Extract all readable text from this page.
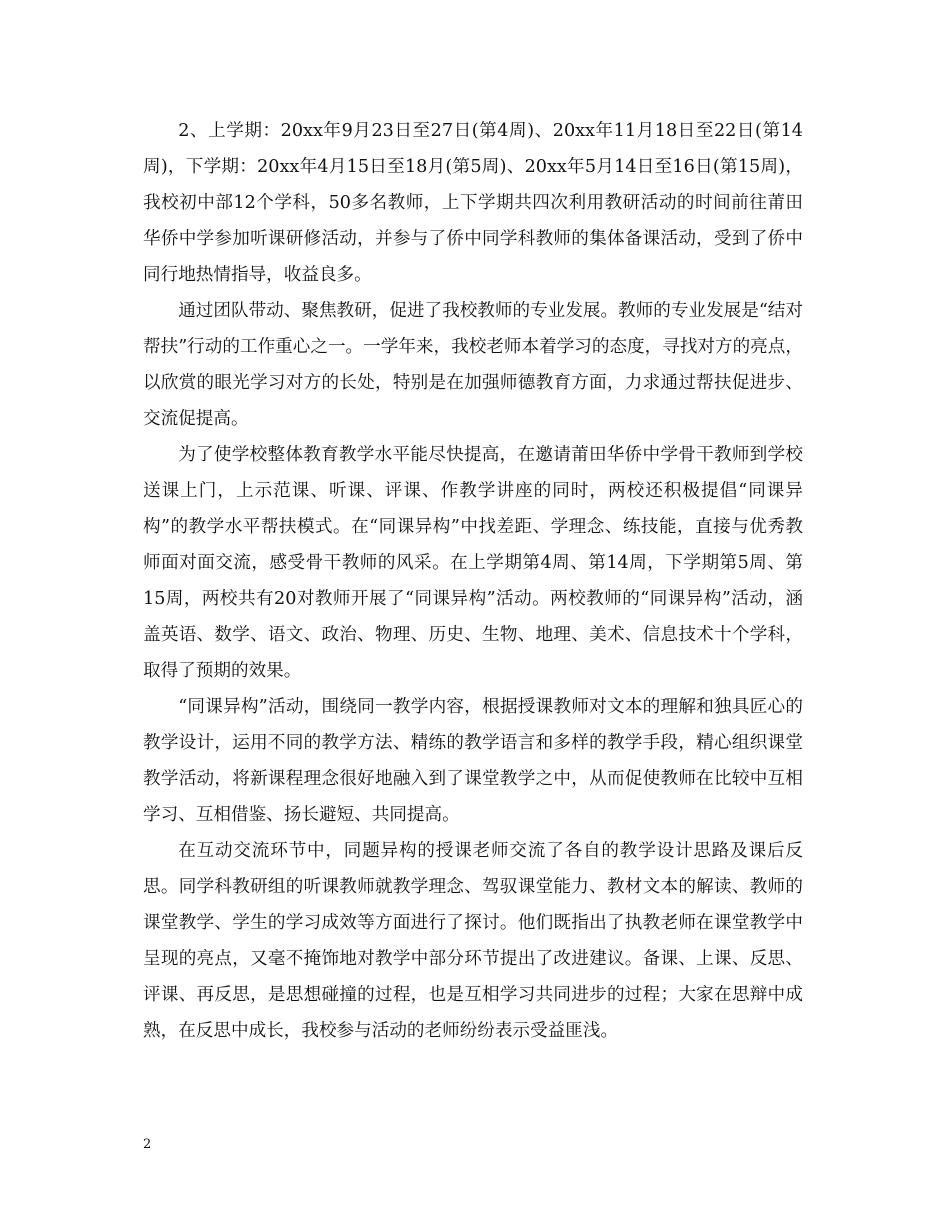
2、上学期：20xx年9月23日至27日(第4周)、20xx年11月18日至22日(第14周)，下学期：20xx年4月15日至18月(第5周)、20xx年5月14日至16日(第15周)，我校初中部12个学科，50多名教师，上下学期共四次利用教研活动的时间前往莆田华侨中学参加听课研修活动，并参与了侨中同学科教师的集体备课活动，受到了侨中同行地热情指导，收益良多。

通过团队带动、聚焦教研，促进了我校教师的专业发展。教师的专业发展是“结对帮扶”行动的工作重心之一。一学年来，我校老师本着学习的态度，寻找对方的亮点，以欣赏的眼光学习对方的长处，特别是在加强师德教育方面，力求通过帮扶促进步、交流促提高。

为了使学校整体教育教学水平能尽快提高，在邀请莆田华侨中学骨干教师到学校送课上门，上示范课、听课、评课、作教学讲座的同时，两校还积极提倡“同课异构”的教学水平帮扶模式。在“同课异构”中找差距、学理念、练技能，直接与优秀教师面对面交流，感受骨干教师的风采。在上学期第4周、第14周，下学期第5周、第15周，两校共有20对教师开展了“同课异构”活动。两校教师的“同课异构”活动，涵盖英语、数学、语文、政治、物理、历史、生物、地理、美术、信息技术十个学科，取得了预期的效果。

“同课异构”活动，围绕同一教学内容，根据授课教师对文本的理解和独具匠心的教学设计，运用不同的教学方法、精练的教学语言和多样的教学手段，精心组织课堂教学活动，将新课程理念很好地融入到了课堂教学之中，从而促使教师在比较中互相学习、互相借鉴、扬长避短、共同提高。

在互动交流环节中，同题异构的授课老师交流了各自的教学设计思路及课后反思。同学科教研组的听课教师就教学理念、驾驭课堂能力、教材文本的解读、教师的课堂教学、学生的学习成效等方面进行了探讨。他们既指出了执教老师在课堂教学中呈现的亮点，又毫不掩饰地对教学中部分环节提出了改进建议。备课、上课、反思、评课、再反思，是思想碰撞的过程，也是互相学习共同进步的过程；大家在思辩中成熟，在反思中成长，我校参与活动的老师纷纷表示受益匪浅。

2
